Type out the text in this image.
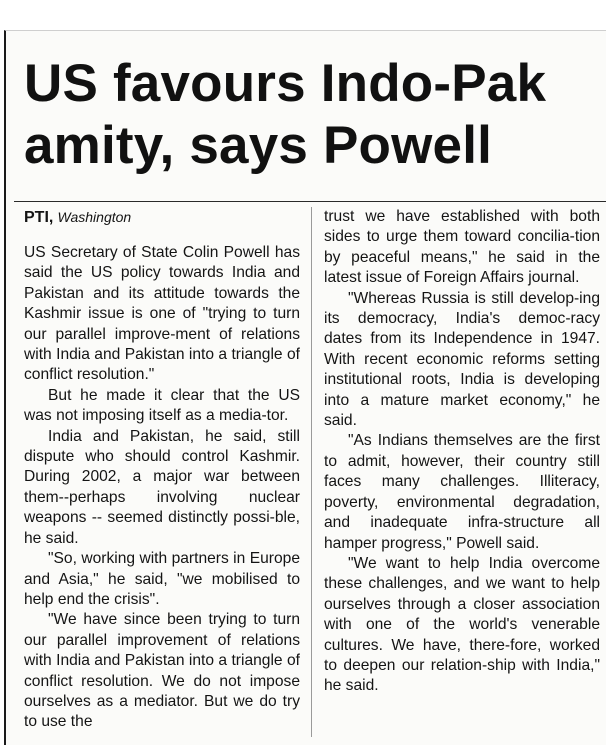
US favours Indo-Pak amity, says Powell
PTI, Washington

US Secretary of State Colin Powell has said the US policy towards India and Pakistan and its attitude towards the Kashmir issue is one of "trying to turn our parallel improve-ment of relations with India and Pakistan into a triangle of conflict resolution."

But he made it clear that the US was not imposing itself as a media-tor.

India and Pakistan, he said, still dispute who should control Kashmir. During 2002, a major war between them--perhaps involving nuclear weapons -- seemed distinctly possi-ble, he said.

"So, working with partners in Europe and Asia," he said, "we mobilised to help end the crisis".

"We have since been trying to turn our parallel improvement of relations with India and Pakistan into a triangle of conflict resolution. We do not impose ourselves as a mediator. But we do try to use the

trust we have established with both sides to urge them toward concilia-tion by peaceful means," he said in the latest issue of Foreign Affairs journal.

"Whereas Russia is still develop-ing its democracy, India's democ-racy dates from its Independence in 1947. With recent economic reforms setting institutional roots, India is developing into a mature market economy," he said.

"As Indians themselves are the first to admit, however, their country still faces many challenges. Illiteracy, poverty, environmental degradation, and inadequate infra-structure all hamper progress," Powell said.

"We want to help India overcome these challenges, and we want to help ourselves through a closer association with one of the world's venerable cultures. We have, there-fore, worked to deepen our relation-ship with India," he said.
